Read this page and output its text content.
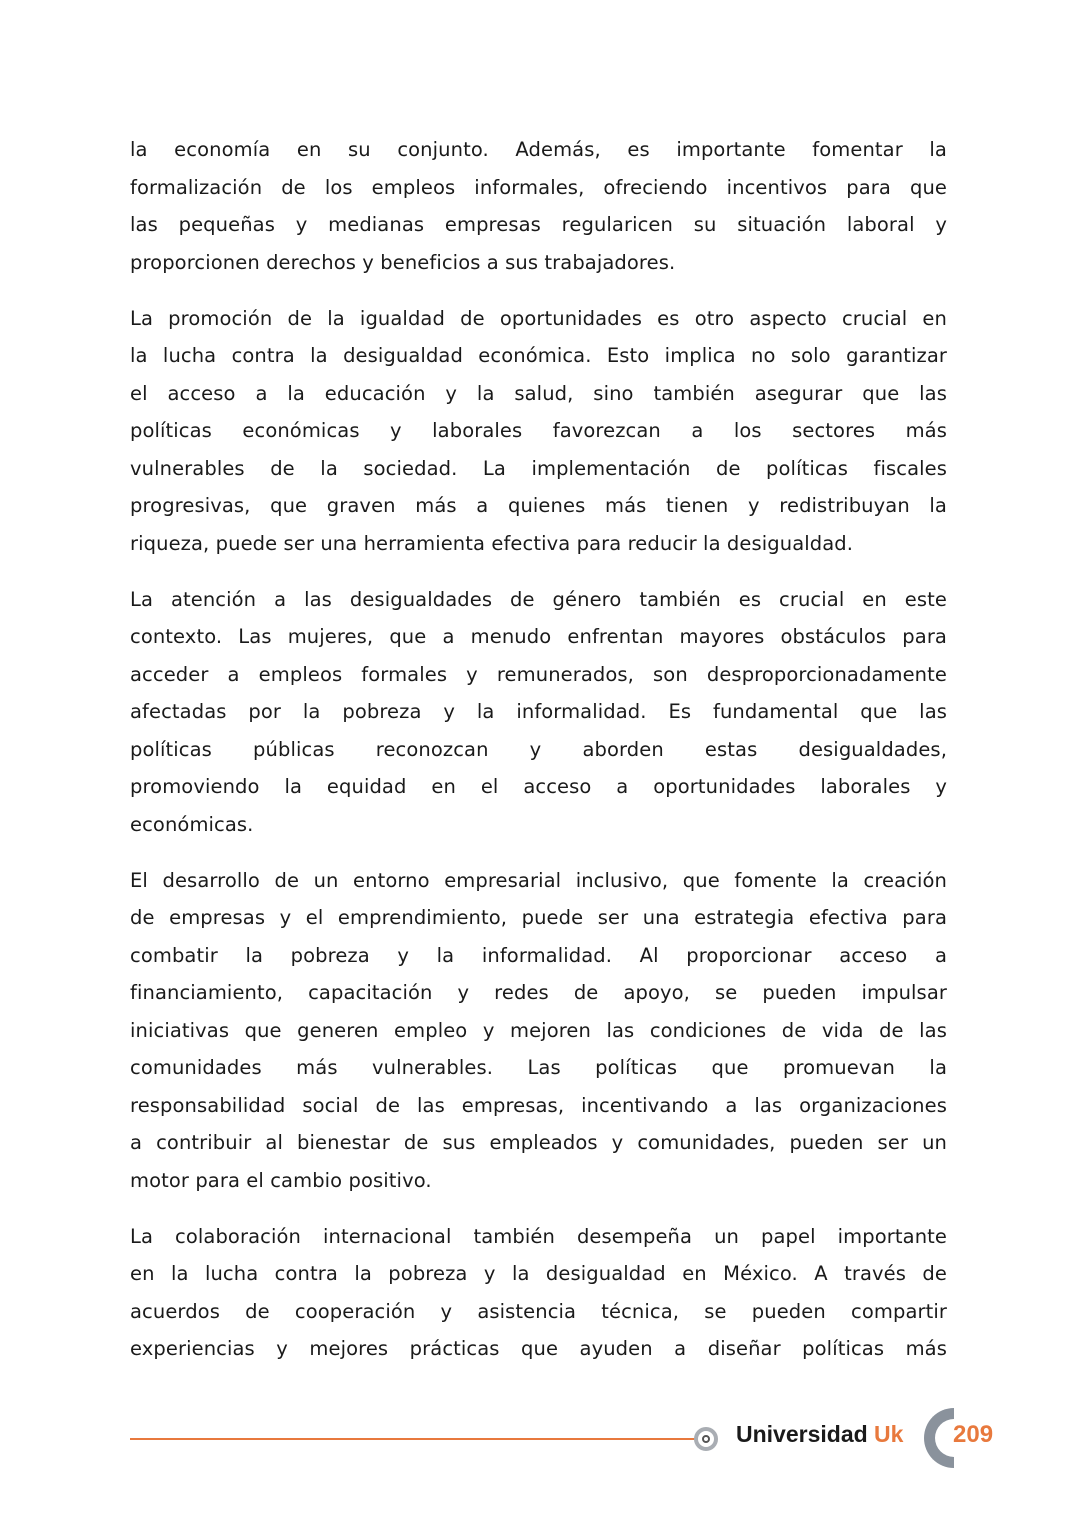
la economía en su conjunto. Además, es importante fomentar la
formalización de los empleos informales, ofreciendo incentivos para que
las pequeñas y medianas empresas regularicen su situación laboral y
proporcionen derechos y beneficios a sus trabajadores.
La promoción de la igualdad de oportunidades es otro aspecto crucial en
la lucha contra la desigualdad económica. Esto implica no solo garantizar
el acceso a la educación y la salud, sino también asegurar que las
políticas económicas y laborales favorezcan a los sectores más
vulnerables de la sociedad. La implementación de políticas fiscales
progresivas, que graven más a quienes más tienen y redistribuyan la
riqueza, puede ser una herramienta efectiva para reducir la desigualdad.
La atención a las desigualdades de género también es crucial en este
contexto. Las mujeres, que a menudo enfrentan mayores obstáculos para
acceder a empleos formales y remunerados, son desproporcionadamente
afectadas por la pobreza y la informalidad. Es fundamental que las
políticas públicas reconozcan y aborden estas desigualdades,
promoviendo la equidad en el acceso a oportunidades laborales y
económicas.
El desarrollo de un entorno empresarial inclusivo, que fomente la creación
de empresas y el emprendimiento, puede ser una estrategia efectiva para
combatir la pobreza y la informalidad. Al proporcionar acceso a
financiamiento, capacitación y redes de apoyo, se pueden impulsar
iniciativas que generen empleo y mejoren las condiciones de vida de las
comunidades más vulnerables. Las políticas que promuevan la
responsabilidad social de las empresas, incentivando a las organizaciones
a contribuir al bienestar de sus empleados y comunidades, pueden ser un
motor para el cambio positivo.
La colaboración internacional también desempeña un papel importante
en la lucha contra la pobreza y la desigualdad en México. A través de
acuerdos de cooperación y asistencia técnica, se pueden compartir
experiencias y mejores prácticas que ayuden a diseñar políticas más
Universidad Uk 209
